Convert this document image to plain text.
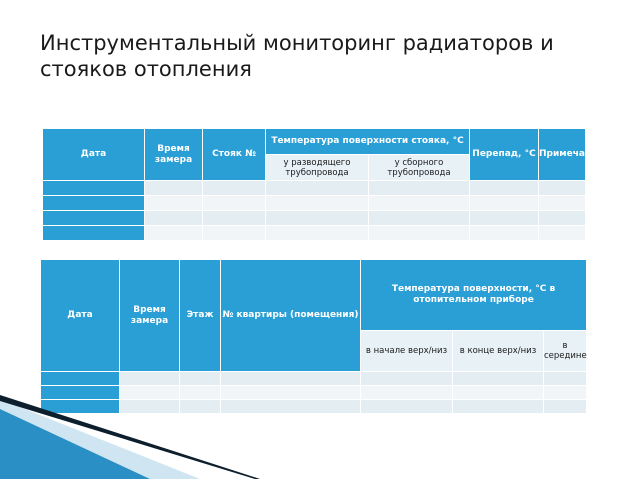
Инструментальный мониторинг радиаторов и стояков отопления
Дата	Время замера	Стояк №	Температура поверхности стояка, °С		Перепад, °С	Примечание
			у разводящего трубопровода	у сборного трубопровода		

Дата	Время замера	Этаж	№ квартиры (помещения)	Температура поверхности, °С в отопительном приборе		
				в начале верх/низ	в конце верх/низ	в середине
